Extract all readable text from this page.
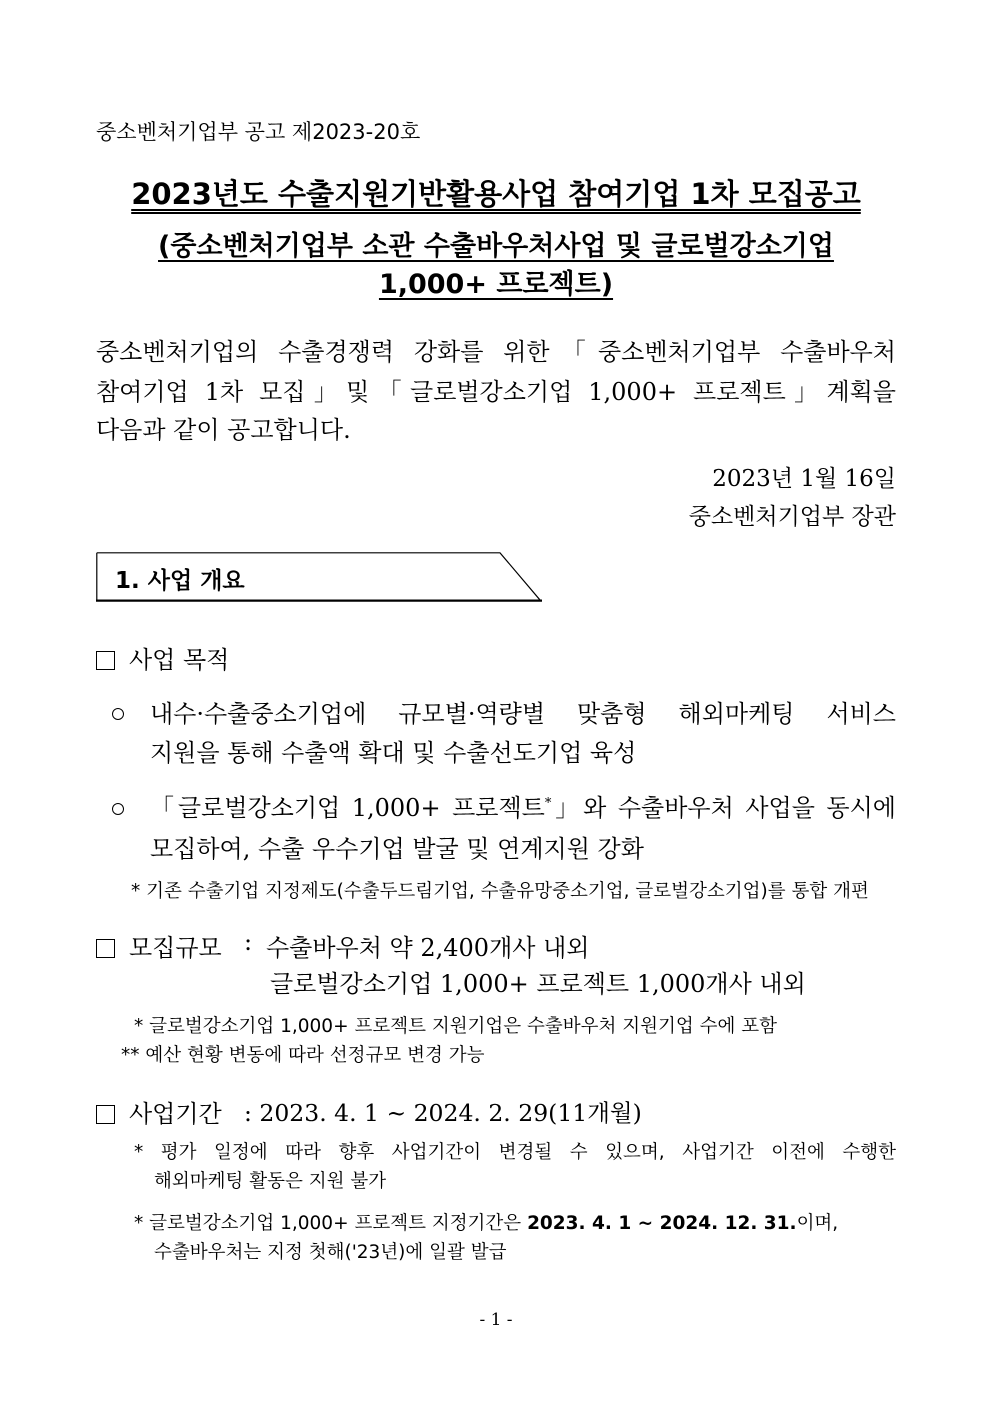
중소벤처기업부 공고 제2023-20호
2023년도 수출지원기반활용사업 참여기업 1차 모집공고
(중소벤처기업부 소관 수출바우처사업 및 글로벌강소기업
1,000+ 프로젝트)
중소벤처기업의 수출경쟁력 강화를 위한「중소벤처기업부 수출바우처
참여기업 1차 모집」및「글로벌강소기업 1,000+ 프로젝트」계획을
다음과 같이 공고합니다.
2023년 1월 16일
중소벤처기업부 장관
1. 사업 개요
사업 목적
내수·수출중소기업에 규모별·역량별 맞춤형 해외마케팅 서비스
지원을 통해 수출액 확대 및 수출선도기업 육성
「글로벌강소기업 1,000+ 프로젝트*」와 수출바우처 사업을 동시에
모집하여, 수출 우수기업 발굴 및 연계지원 강화
* 기존 수출기업 지정제도(수출두드림기업, 수출유망중소기업, 글로벌강소기업)를 통합 개편
모집규모 : 수출바우처 약 2,400개사 내외
글로벌강소기업 1,000+ 프로젝트 1,000개사 내외
* 글로벌강소기업 1,000+ 프로젝트 지원기업은 수출바우처 지원기업 수에 포함
** 예산 현황 변동에 따라 선정규모 변경 가능
사업기간 : 2023. 4. 1 ~ 2024. 2. 29(11개월)
* 평가 일정에 따라 향후 사업기간이 변경될 수 있으며, 사업기간 이전에 수행한
해외마케팅 활동은 지원 불가
* 글로벌강소기업 1,000+ 프로젝트 지정기간은 2023. 4. 1 ~ 2024. 12. 31.이며,
수출바우처는 지정 첫해('23년)에 일괄 발급
- 1 -
